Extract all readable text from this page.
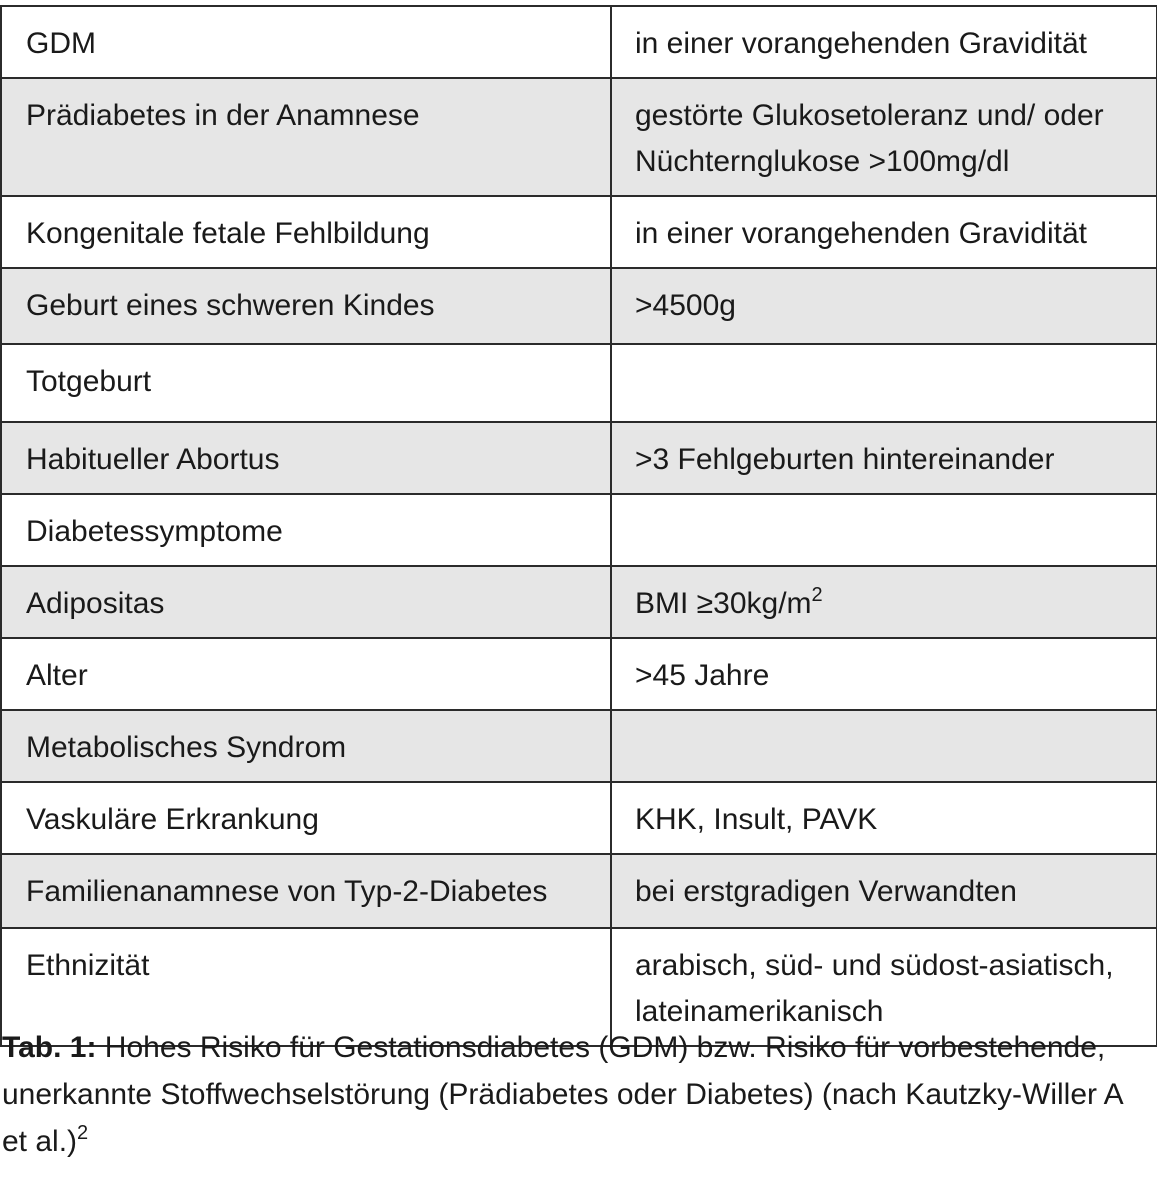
GDM	in einer vorangehenden Gravidität
Prädiabetes in der Anamnese	gestörte Glukosetoleranz und/ oder Nüchternglukose >100mg/dl
Kongenitale fetale Fehlbildung	in einer vorangehenden Gravidität
Geburt eines schweren Kindes	>4500g
Totgeburt	
Habitueller Abortus	>3 Fehlgeburten hintereinander
Diabetessymptome	
Adipositas	BMI $\ge 30kg/m^2$
Alter	>45 Jahre
Metabolisches Syndrom	
Vaskuläre Erkrankung	KHK, Insult, PAVK
Familienanamnese von Typ-2-Diabetes	bei erstgradigen Verwandten
Ethnizität	arabisch, süd- und südost-asiatisch, lateinamerikanisch
Tab. 1: Hohes Risiko für Gestationsdiabetes (GDM) bzw. Risiko für vorbestehende, unerkannte Stoffwechselstörung (Prädiabetes oder Diabetes) (nach Kautzky-Willer A et al.)$^2$
